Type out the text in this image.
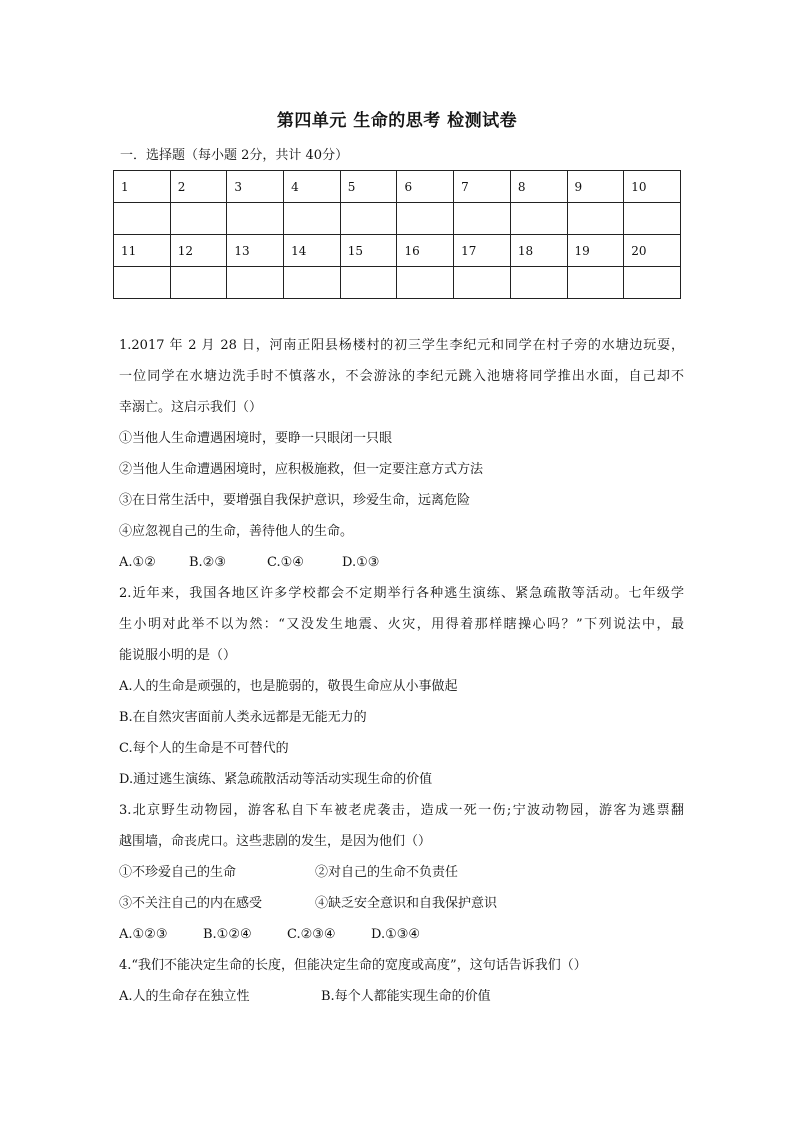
第四单元 生命的思考 检测试卷
一．选择题（每小题 2分，共计 40分）
1	2	3	4	5	6	7	8	9	10

11	12	13	14	15	16	17	18	19	20

1.2017 年 2 月 28 日，河南正阳县杨楼村的初三学生李纪元和同学在村子旁的水塘边玩耍，
一位同学在水塘边洗手时不慎落水，不会游泳的李纪元跳入池塘将同学推出水面，自己却不
幸溺亡。这启示我们（）
①当他人生命遭遇困境时，要睁一只眼闭一只眼
②当他人生命遭遇困境时，应积极施救，但一定要注意方式方法
③在日常生活中，要增强自我保护意识，珍爱生命，远离危险
④应忽视自己的生命，善待他人的生命。
A.①②	B.②③	C.①④	D.①③
2.近年来，我国各地区许多学校都会不定期举行各种逃生演练、紧急疏散等活动。七年级学
生小明对此举不以为然：“又没发生地震、火灾，用得着那样瞎操心吗？”下列说法中，最
能说服小明的是（）
A.人的生命是顽强的，也是脆弱的，敬畏生命应从小事做起
B.在自然灾害面前人类永远都是无能无力的
C.每个人的生命是不可替代的
D.通过逃生演练、紧急疏散活动等活动实现生命的价值
3.北京野生动物园，游客私自下车被老虎袭击，造成一死一伤;宁波动物园，游客为逃票翻
越围墙，命丧虎口。这些悲剧的发生，是因为他们（）
①不珍爱自己的生命	②对自己的生命不负责任
③不关注自己的内在感受	④缺乏安全意识和自我保护意识
A.①②③	B.①②④	C.②③④	D.①③④
4.“我们不能决定生命的长度，但能决定生命的宽度或高度”，这句话告诉我们（）
A.人的生命存在独立性	B.每个人都能实现生命的价值
